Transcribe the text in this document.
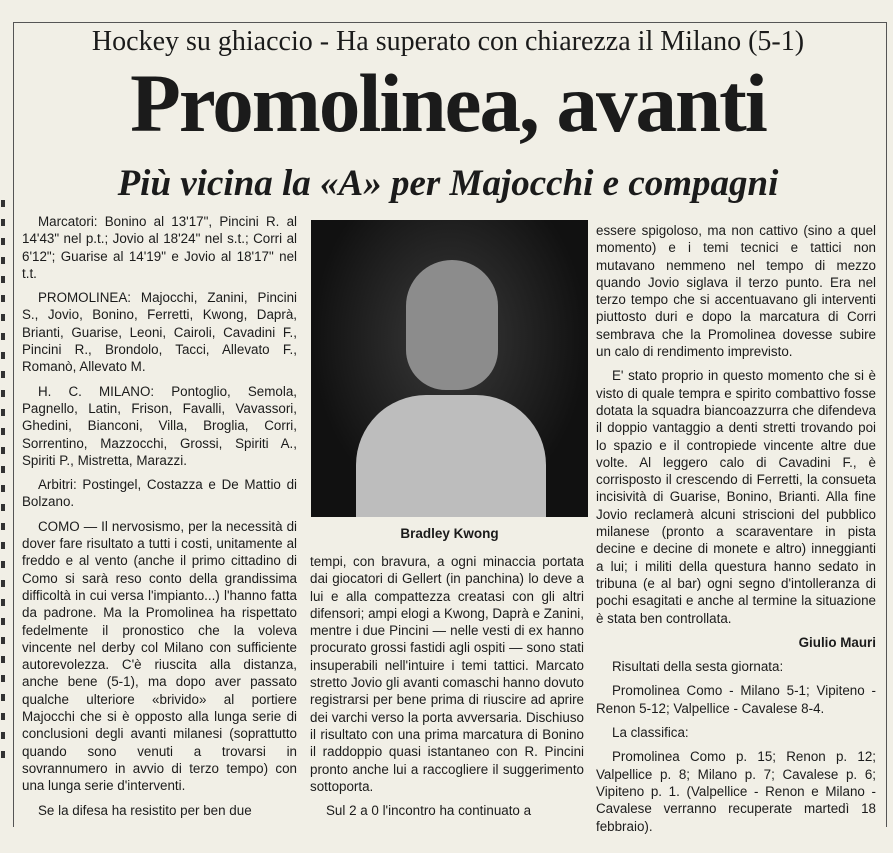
Hockey su ghiaccio - Ha superato con chiarezza il Milano (5-1)
Promolinea, avanti
Più vicina la «A» per Majocchi e compagni

Marcatori: Bonino al 13'17", Pincini R. al 14'43" nel p.t.; Jovio al 18'24" nel s.t.; Corri al 6'12"; Guarise al 14'19" e Jovio al 18'17" nel t.t.

PROMOLINEA: Majocchi, Zanini, Pincini S., Jovio, Bonino, Ferretti, Kwong, Daprà, Brianti, Guarise, Leoni, Cairoli, Cavadini F., Pincini R., Brondolo, Tacci, Allevato F., Romanò, Allevato M.

H. C. MILANO: Pontoglio, Semola, Pagnello, Latin, Frison, Favalli, Vavassori, Ghedini, Bianconi, Villa, Broglia, Corri, Sorrentino, Mazzocchi, Grossi, Spiriti A., Spiriti P., Mistretta, Marazzi.

Arbitri: Postingel, Costazza e De Mattio di Bolzano.

COMO — Il nervosismo, per la necessità di dover fare risultato a tutti i costi, unitamente al freddo e al vento (anche il primo cittadino di Como si sarà reso conto della grandissima difficoltà in cui versa l'impianto...) l'hanno fatta da padrone. Ma la Promolinea ha rispettato fedelmente il pronostico che la voleva vincente nel derby col Milano con sufficiente autorevolezza. C'è riuscita alla distanza, anche bene (5-1), ma dopo aver passato qualche ulteriore «brivido» al portiere Majocchi che si è opposto alla lunga serie di conclusioni degli avanti milanesi (soprattutto quando sono venuti a trovarsi in sovrannumero in avvio di terzo tempo) con una lunga serie d'interventi.

Se la difesa ha resistito per ben due

Bradley Kwong

tempi, con bravura, a ogni minaccia portata dai giocatori di Gellert (in panchina) lo deve a lui e alla compattezza creatasi con gli altri difensori; ampi elogi a Kwong, Daprà e Zanini, mentre i due Pincini — nelle vesti di ex hanno procurato grossi fastidi agli ospiti — sono stati insuperabili nell'intuire i temi tattici. Marcato stretto Jovio gli avanti comaschi hanno dovuto registrarsi per bene prima di riuscire ad aprire dei varchi verso la porta avversaria. Dischiuso il risultato con una prima marcatura di Bonino il raddoppio quasi istantaneo con R. Pincini pronto anche lui a raccogliere il suggerimento sottoporta.

Sul 2 a 0 l'incontro ha continuato a

essere spigoloso, ma non cattivo (sino a quel momento) e i temi tecnici e tattici non mutavano nemmeno nel tempo di mezzo quando Jovio siglava il terzo punto. Era nel terzo tempo che si accentuavano gli interventi piuttosto duri e dopo la marcatura di Corri sembrava che la Promolinea dovesse subire un calo di rendimento imprevisto.

E' stato proprio in questo momento che si è visto di quale tempra e spirito combattivo fosse dotata la squadra biancoazzurra che difendeva il doppio vantaggio a denti stretti trovando poi lo spazio e il contropiede vincente altre due volte. Al leggero calo di Cavadini F., è corrisposto il crescendo di Ferretti, la consueta incisività di Guarise, Bonino, Brianti. Alla fine Jovio reclamerà alcuni striscioni del pubblico milanese (pronto a scaraventare in pista decine e decine di monete e altro) inneggianti a lui; i militi della questura hanno sedato in tribuna (e al bar) ogni segno d'intolleranza di pochi esagitati e anche al termine la situazione è stata ben controllata.

Giulio Mauri

Risultati della sesta giornata:

Promolinea Como - Milano 5-1; Vipiteno - Renon 5-12; Valpellice - Cavalese 8-4.

La classifica:

Promolinea Como p. 15; Renon p. 12; Valpellice p. 8; Milano p. 7; Cavalese p. 6; Vipiteno p. 1. (Valpellice - Renon e Milano - Cavalese verranno recuperate martedì 18 febbraio).
